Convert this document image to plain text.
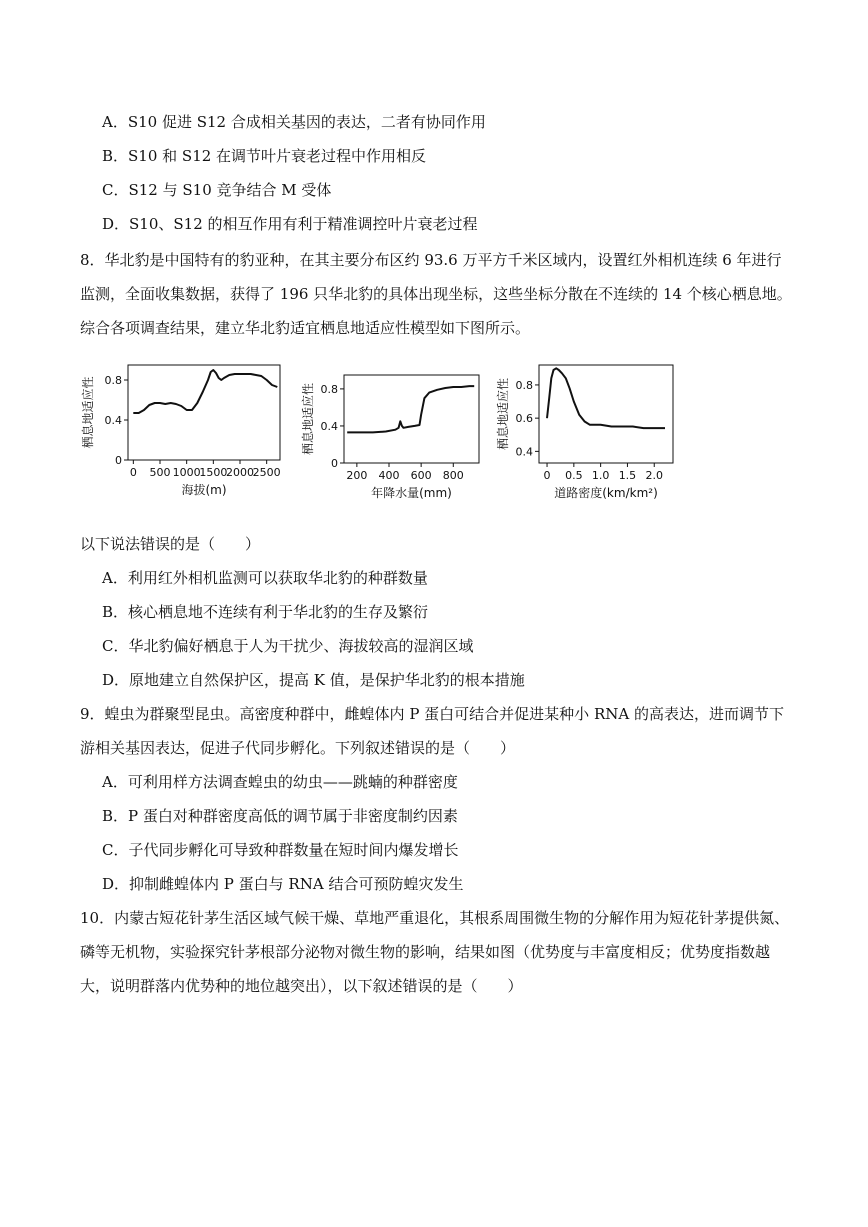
A．S10 促进 S12 合成相关基因的表达，二者有协同作用
B．S10 和 S12 在调节叶片衰老过程中作用相反
C．S12 与 S10 竞争结合 M 受体
D．S10、S12 的相互作用有利于精准调控叶片衰老过程
8．华北豹是中国特有的豹亚种，在其主要分布区约 93.6 万平方千米区域内，设置红外相机连续 6 年进行
监测，全面收集数据，获得了 196 只华北豹的具体出现坐标，这些坐标分散在不连续的 14 个核心栖息地。
综合各项调查结果，建立华北豹适宜栖息地适应性模型如下图所示。
0 500 1000
1500
2000
2500
0
0.4
0.8
海拔(m)
栖息地适应性
200 400 600 800
0
0.4
0.8
年降水量(mm)
栖息地适应性
0 0.5 1.0 1.5 2.0
0.4
0.6
0.8
道路密度(km/km²)
栖息地适应性
以下说法错误的是（　　）
A．利用红外相机监测可以获取华北豹的种群数量
B．核心栖息地不连续有利于华北豹的生存及繁衍
C．华北豹偏好栖息于人为干扰少、海拔较高的湿润区域
D．原地建立自然保护区，提高 K 值，是保护华北豹的根本措施
9．蝗虫为群聚型昆虫。高密度种群中，雌蝗体内 P 蛋白可结合并促进某种小 RNA 的高表达，进而调节下
游相关基因表达，促进子代同步孵化。下列叙述错误的是（　　）
A．可利用样方法调查蝗虫的幼虫——跳蝻的种群密度
B．P 蛋白对种群密度高低的调节属于非密度制约因素
C．子代同步孵化可导致种群数量在短时间内爆发增长
D．抑制雌蝗体内 P 蛋白与 RNA 结合可预防蝗灾发生
10．内蒙古短花针茅生活区域气候干燥、草地严重退化，其根系周围微生物的分解作用为短花针茅提供氮、
磷等无机物，实验探究针茅根部分泌物对微生物的影响，结果如图（优势度与丰富度相反；优势度指数越
大，说明群落内优势种的地位越突出），以下叙述错误的是（　　）
